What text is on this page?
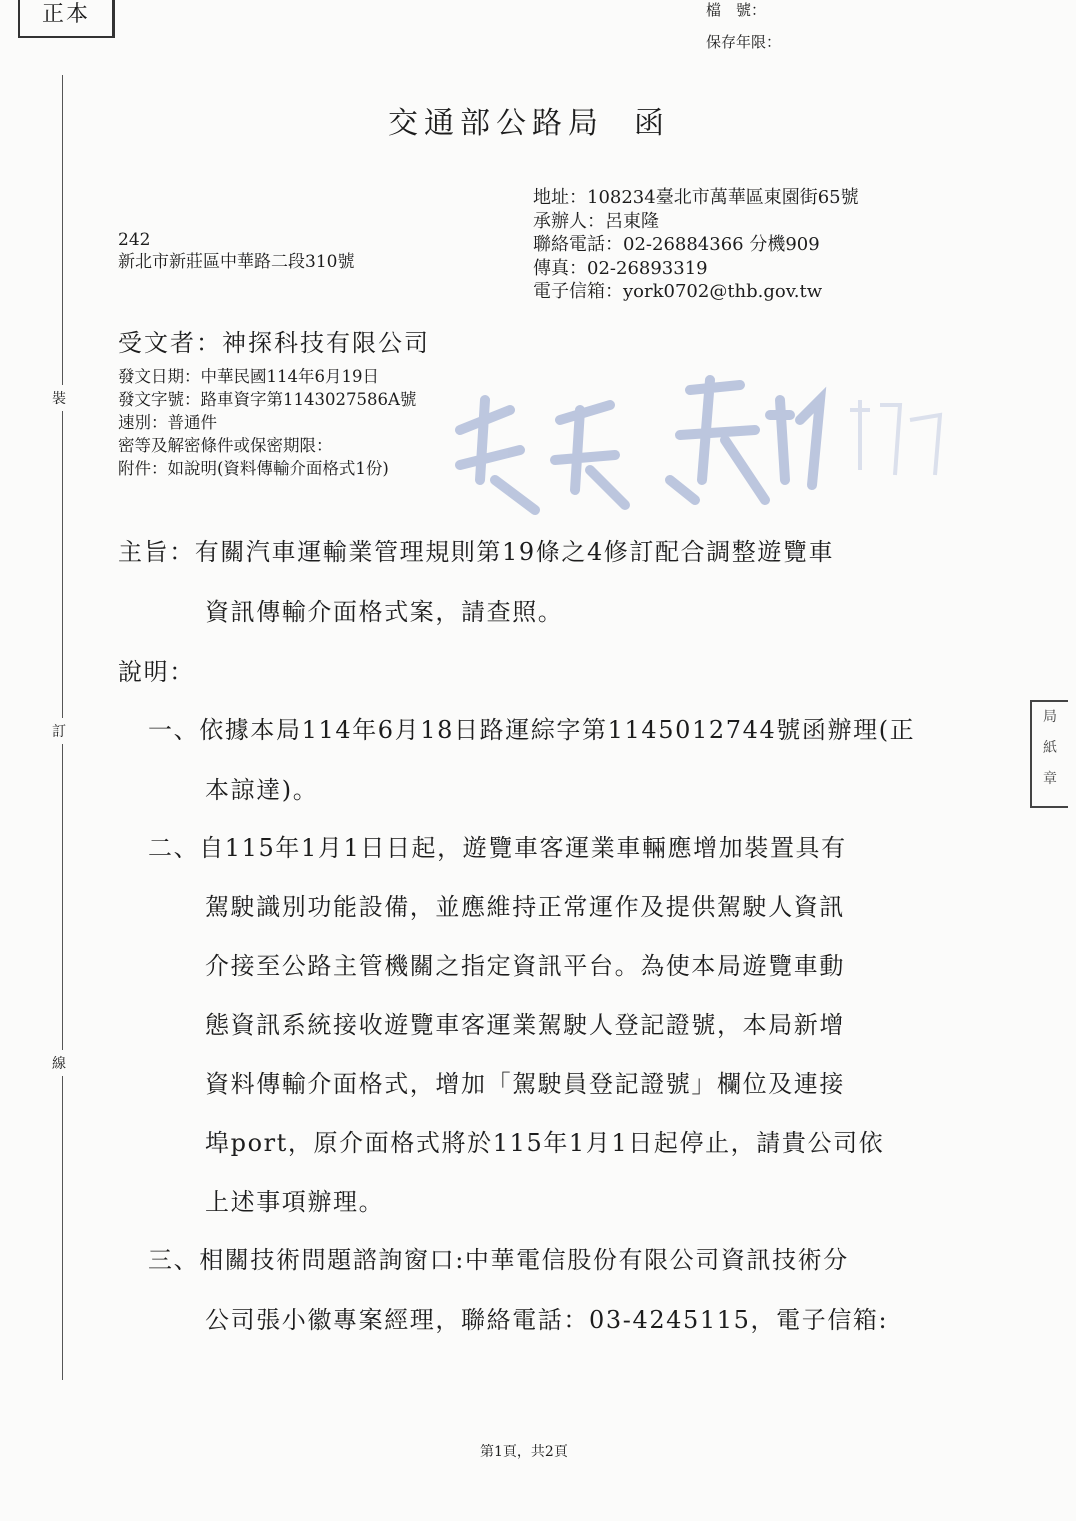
正本	檔　號：
保存年限：
裝
訂
線
交通部公路局 函
地址：108234臺北市萬華區東園街65號
承辦人：呂東隆
聯絡電話：02-26884366 分機909
傳真：02-26893319
電子信箱：york0702@thb.gov.tw
242
新北市新莊區中華路二段310號
受文者：神探科技有限公司
發文日期：中華民國114年6月19日
發文字號：路車資字第1143027586A號
速別：普通件
密等及解密條件或保密期限：
附件：如說明(資料傳輸介面格式1份)
主旨：有關汽車運輸業管理規則第19條之4修訂配合調整遊覽車
資訊傳輸介面格式案，請查照。
說明：
一、依據本局114年6月18日路運綜字第1145012744號函辦理(正
本諒達)。
二、自115年1月1日日起，遊覽車客運業車輛應增加裝置具有
駕駛識別功能設備，並應維持正常運作及提供駕駛人資訊
介接至公路主管機關之指定資訊平台。為使本局遊覽車動
態資訊系統接收遊覽車客運業駕駛人登記證號，本局新增
資料傳輸介面格式，增加「駕駛員登記證號」欄位及連接
埠port，原介面格式將於115年1月1日起停止，請貴公司依
上述事項辦理。
三、相關技術問題諮詢窗口:中華電信股份有限公司資訊技術分
公司張小徽專案經理，聯絡電話：03-4245115，電子信箱:
局
紙
章
第1頁，共2頁
